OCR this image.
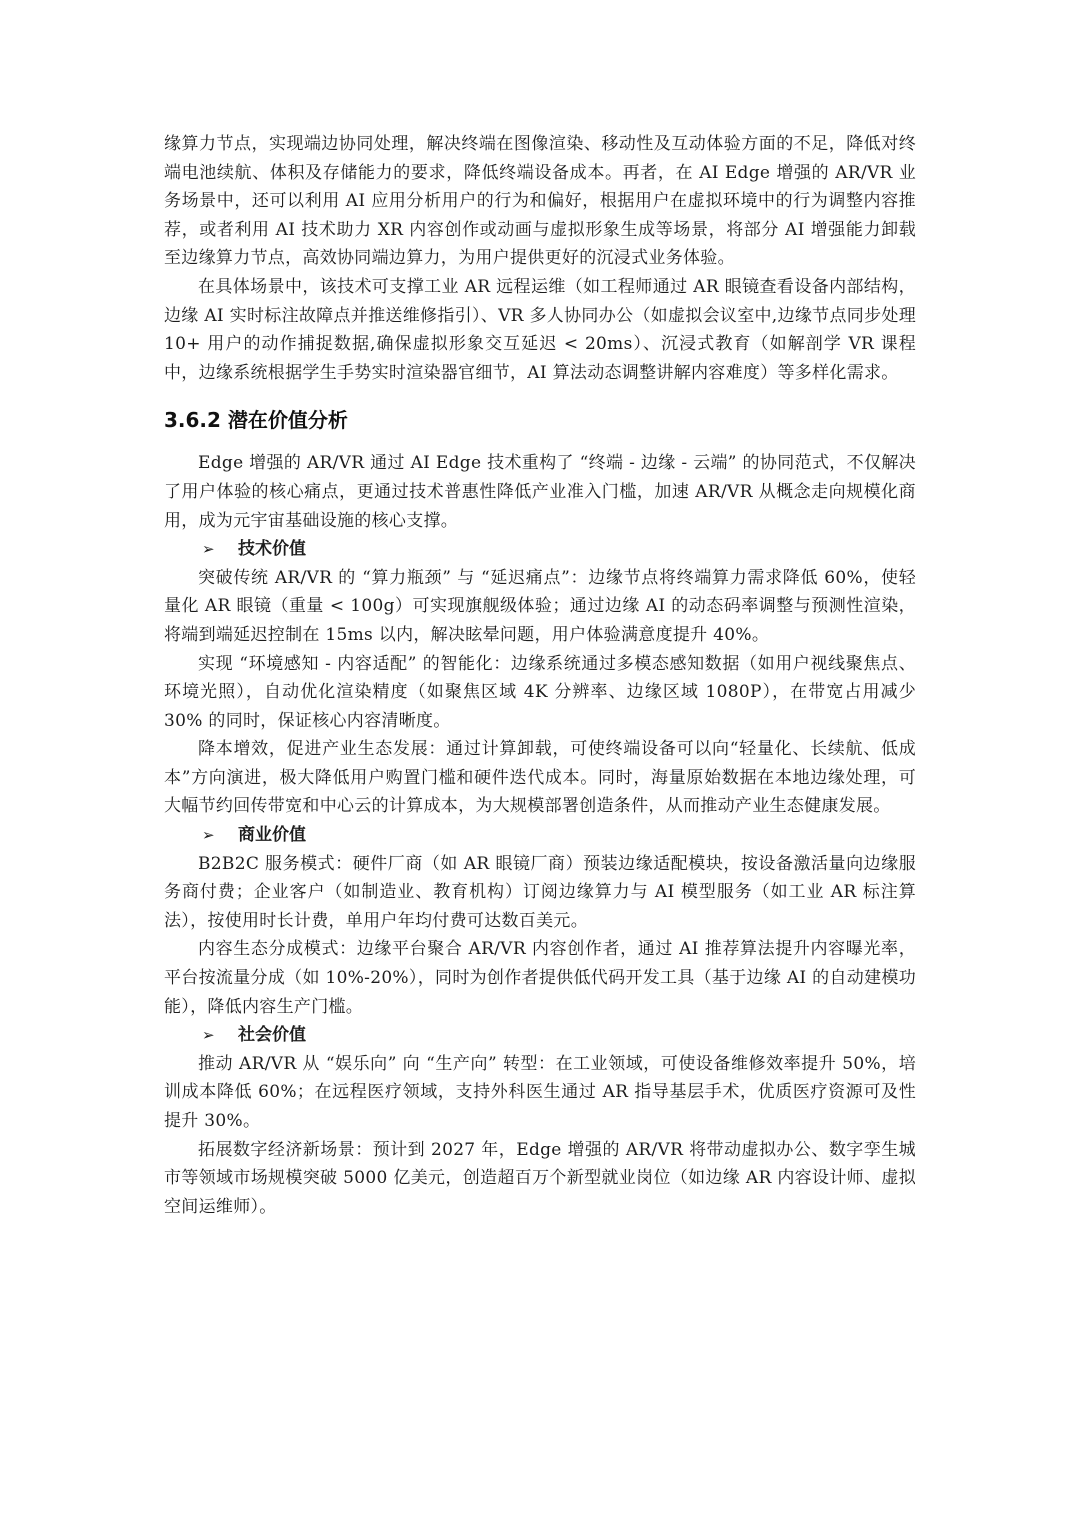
缘算力节点，实现端边协同处理，解决终端在图像渲染、移动性及互动体验方面的不足，降低对终端电池续航、体积及存储能力的要求，降低终端设备成本。再者，在 AI Edge 增强的 AR/VR 业务场景中，还可以利用 AI 应用分析用户的行为和偏好，根据用户在虚拟环境中的行为调整内容推荐，或者利用 AI 技术助力 XR 内容创作或动画与虚拟形象生成等场景，将部分 AI 增强能力卸载至边缘算力节点，高效协同端边算力，为用户提供更好的沉浸式业务体验。

在具体场景中，该技术可支撑工业 AR 远程运维（如工程师通过 AR 眼镜查看设备内部结构，边缘 AI 实时标注故障点并推送维修指引）、VR 多人协同办公（如虚拟会议室中,边缘节点同步处理 10+ 用户的动作捕捉数据,确保虚拟形象交互延迟 < 20ms）、沉浸式教育（如解剖学 VR 课程中，边缘系统根据学生手势实时渲染器官细节，AI 算法动态调整讲解内容难度）等多样化需求。

3.6.2 潜在价值分析

Edge 增强的 AR/VR 通过 AI Edge 技术重构了 “终端 - 边缘 - 云端” 的协同范式，不仅解决了用户体验的核心痛点，更通过技术普惠性降低产业准入门槛，加速 AR/VR 从概念走向规模化商用，成为元宇宙基础设施的核心支撑。

➢ 技术价值

突破传统 AR/VR 的 “算力瓶颈” 与 “延迟痛点”：边缘节点将终端算力需求降低 60%，使轻量化 AR 眼镜（重量 < 100g）可实现旗舰级体验；通过边缘 AI 的动态码率调整与预测性渲染，将端到端延迟控制在 15ms 以内，解决眩晕问题，用户体验满意度提升 40%。

实现 “环境感知 - 内容适配” 的智能化：边缘系统通过多模态感知数据（如用户视线聚焦点、环境光照），自动优化渲染精度（如聚焦区域 4K 分辨率、边缘区域 1080P），在带宽占用减少 30% 的同时，保证核心内容清晰度。

降本增效，促进产业生态发展：通过计算卸载，可使终端设备可以向“轻量化、长续航、低成本”方向演进，极大降低用户购置门槛和硬件迭代成本。同时，海量原始数据在本地边缘处理，可大幅节约回传带宽和中心云的计算成本，为大规模部署创造条件，从而推动产业生态健康发展。

➢ 商业价值

B2B2C 服务模式：硬件厂商（如 AR 眼镜厂商）预装边缘适配模块，按设备激活量向边缘服务商付费；企业客户（如制造业、教育机构）订阅边缘算力与 AI 模型服务（如工业 AR 标注算法），按使用时长计费，单用户年均付费可达数百美元。

内容生态分成模式：边缘平台聚合 AR/VR 内容创作者，通过 AI 推荐算法提升内容曝光率，平台按流量分成（如 10%-20%），同时为创作者提供低代码开发工具（基于边缘 AI 的自动建模功能），降低内容生产门槛。

➢ 社会价值

推动 AR/VR 从 “娱乐向” 向 “生产向” 转型：在工业领域，可使设备维修效率提升 50%，培训成本降低 60%；在远程医疗领域，支持外科医生通过 AR 指导基层手术，优质医疗资源可及性提升 30%。

拓展数字经济新场景：预计到 2027 年，Edge 增强的 AR/VR 将带动虚拟办公、数字孪生城市等领域市场规模突破 5000 亿美元，创造超百万个新型就业岗位（如边缘 AR 内容设计师、虚拟空间运维师）。
